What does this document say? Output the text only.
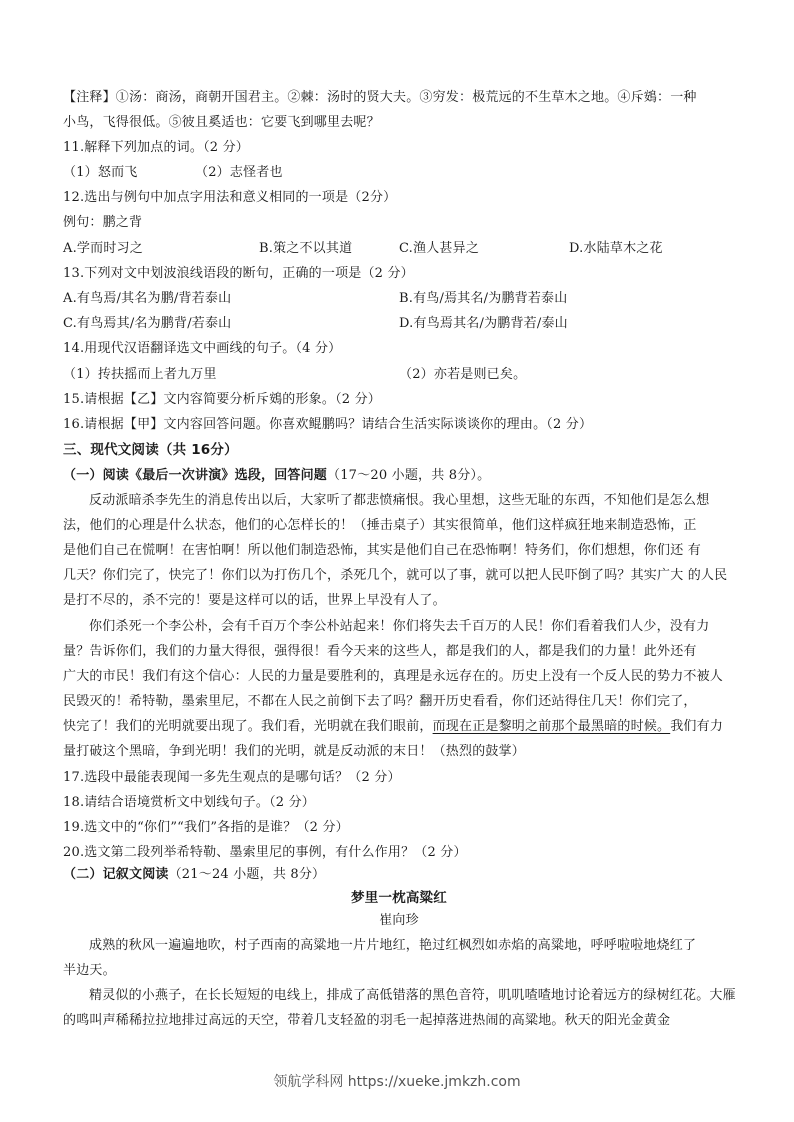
【注释】①汤：商汤，商朝开国君主。②棘：汤时的贤大夫。③穷发：极荒远的不生草木之地。④斥鴳：一种
小鸟，飞得很低。⑤彼且奚适也：它要飞到哪里去呢？
11.解释下列加点的词。（2 分）
（1）怒而飞	（2）志怪者也
12.选出与例句中加点字用法和意义相同的一项是（2分）
例句：鹏之背
A.学而时习之	B.策之不以其道	C.渔人甚异之	D.水陆草木之花
13.下列对文中划波浪线语段的断句，正确的一项是（2 分）
A.有鸟焉/其名为鹏/背若泰山	B.有鸟/焉其名/为鹏背若泰山
C.有鸟焉其/名为鹏背/若泰山	D.有鸟焉其名/为鹏背若/泰山
14.用现代汉语翻译选文中画线的句子。（4 分）
（1）抟扶摇而上者九万里	（2）亦若是则已矣。
15.请根据【乙】文内容简要分析斥鴳的形象。（2 分）
16.请根据【甲】文内容回答问题。你喜欢鲲鹏吗？请结合生活实际谈谈你的理由。（2 分）
三、现代文阅读（共 16分）
（一）阅读《最后一次讲演》选段，回答问题（17～20 小题，共 8分）。
反动派暗杀李先生的消息传出以后，大家听了都悲愤痛恨。我心里想，这些无耻的东西，不知他们是怎么想
法，他们的心理是什么状态，他们的心怎样长的！（捶击桌子）其实很简单，他们这样疯狂地来制造恐怖，正
是他们自己在慌啊！在害怕啊！所以他们制造恐怖，其实是他们自己在恐怖啊！特务们，你们想想，你们还 有
几天？你们完了，快完了！你们以为打伤几个，杀死几个，就可以了事，就可以把人民吓倒了吗？其实广大 的人民
是打不尽的，杀不完的！要是这样可以的话，世界上早没有人了。
你们杀死一个李公朴，会有千百万个李公朴站起来！你们将失去千百万的人民！你们看着我们人少，没有力
量？告诉你们，我们的力量大得很，强得很！看今天来的这些人，都是我们的人，都是我们的力量！此外还有
广大的市民！我们有这个信心：人民的力量是要胜利的，真理是永远存在的。历史上没有一个反人民的势力不被人
民毁灭的！希特勒，墨索里尼，不都在人民之前倒下去了吗？翻开历史看看，你们还站得住几天！你们完了，
快完了！我们的光明就要出现了。我们看，光明就在我们眼前，而现在正是黎明之前那个最黑暗的时候。我们有力
量打破这个黑暗，争到光明！我们的光明，就是反动派的末日！（热烈的鼓掌）
17.选段中最能表现闻一多先生观点的是哪句话？（2 分）
18.请结合语境赏析文中划线句子。（2 分）
19.选文中的“你们”“我们”各指的是谁？（2 分）
20.选文第二段列举希特勒、墨索里尼的事例，有什么作用？（2 分）
（二）记叙文阅读（21～24 小题，共 8分）
梦里一枕高粱红
崔向珍
成熟的秋风一遍遍地吹，村子西南的高粱地一片片地红，艳过红枫烈如赤焰的高粱地，呼呼啦啦地烧红了
半边天。
精灵似的小燕子，在长长短短的电线上，排成了高低错落的黑色音符，叽叽喳喳地讨论着远方的绿树红花。大雁
的鸣叫声稀稀拉拉地排过高远的天空，带着几支轻盈的羽毛一起掉落进热闹的高粱地。秋天的阳光金黄金
领航学科网 https://xueke.jmkzh.com
